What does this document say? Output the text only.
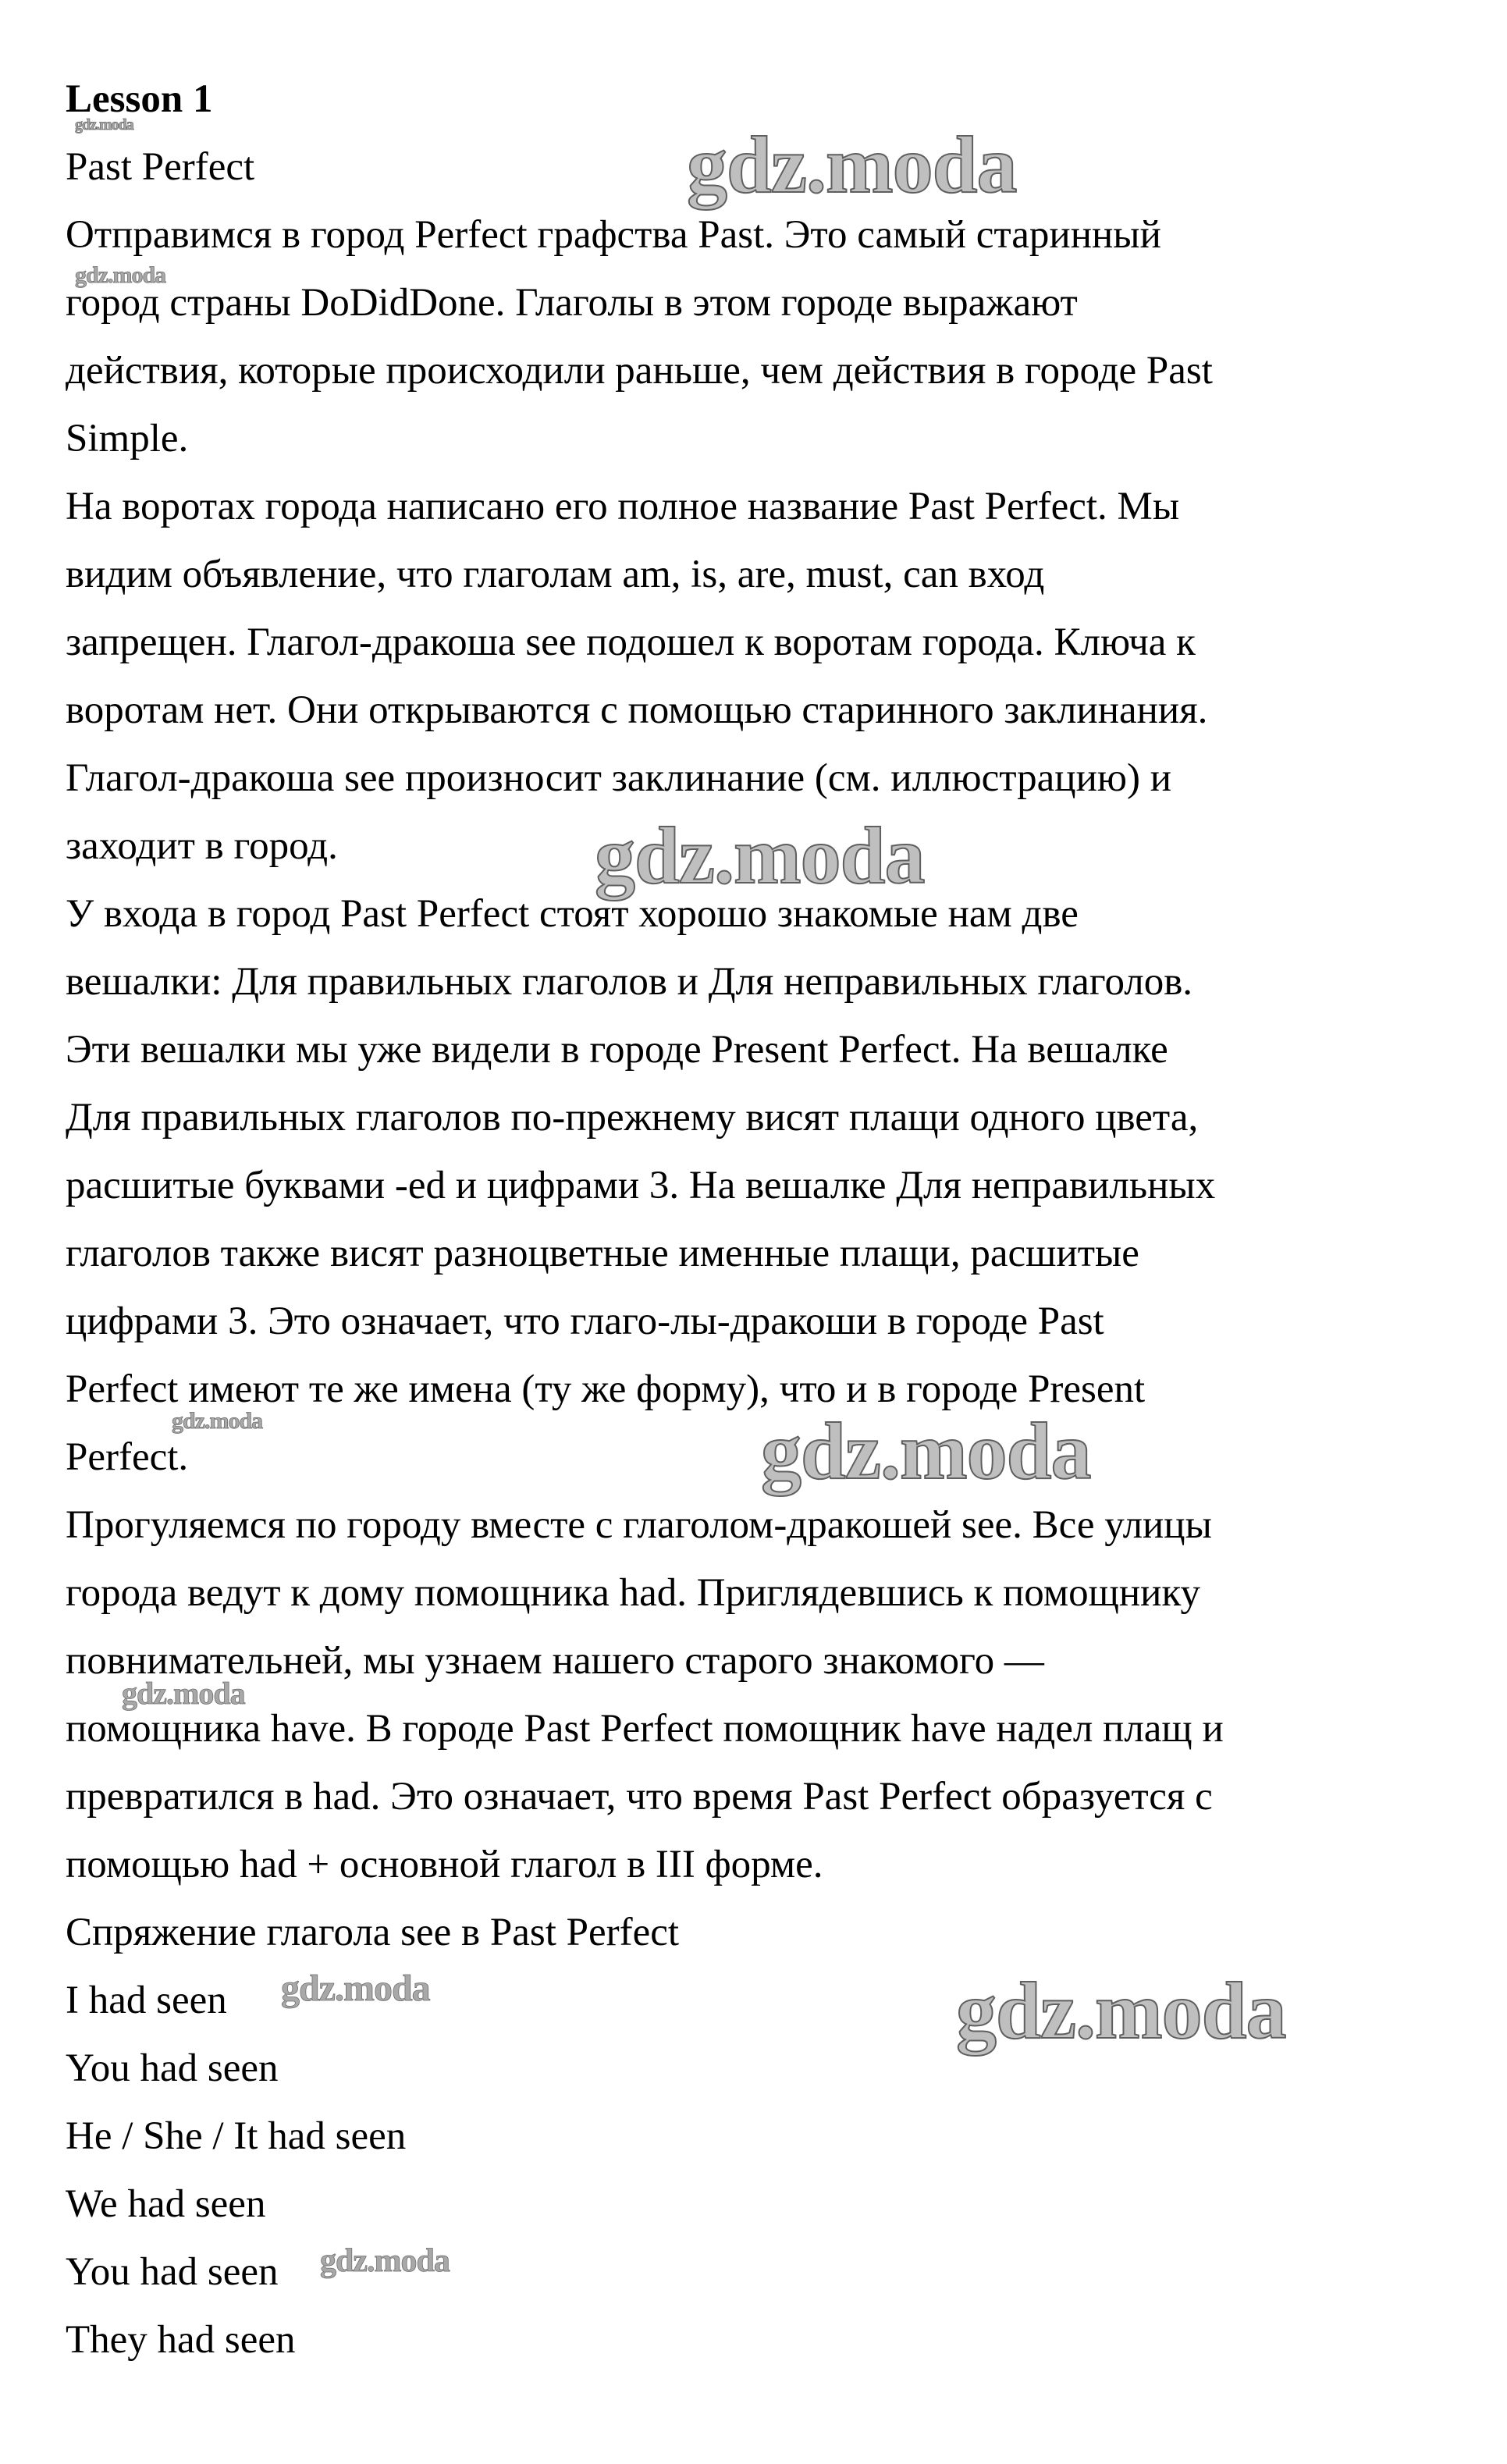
Lesson 1
Past Perfect
Отправимся в город Perfect графства Past. Это самый старинный
город страны DoDidDone. Глаголы в этом городе выражают
действия, которые происходили раньше, чем действия в городе Past
Simple.
На воротах города написано его полное название Past Perfect. Мы
видим объявление, что глаголам am, is, are, must, can вход
запрещен. Глагол-дракоша see подошел к воротам города. Ключа к
воротам нет. Они открываются с помощью старинного заклинания.
Глагол-дракоша see произносит заклинание (см. иллюстрацию) и
заходит в город.
У входа в город Past Perfect стоят хорошо знакомые нам две
вешалки: Для правильных глаголов и Для неправильных глаголов.
Эти вешалки мы уже видели в городе Present Perfect. На вешалке
Для правильных глаголов по-прежнему висят плащи одного цвета,
расшитые буквами -ed и цифрами 3. На вешалке Для неправильных
глаголов также висят разноцветные именные плащи, расшитые
цифрами 3. Это означает, что глаго-лы-дракоши в городе Past
Perfect имеют те же имена (ту же форму), что и в городе Present
Perfect.
Прогуляемся по городу вместе с глаголом-дракошей see. Все улицы
города ведут к дому помощника had. Приглядевшись к помощнику
повнимательней, мы узнаем нашего старого знакомого —
помощника have. В городе Past Perfect помощник have надел плащ и
превратился в had. Это означает, что время Past Perfect образуется с
помощью had + основной глагол в III форме.
Спряжение глагола see в Past Perfect
I had seen
You had seen
He / She / It had seen
We had seen
You had seen
They had seen
gdz.moda	gdz.moda
gdz.moda
gdz.moda
gdz.moda	gdz.moda
gdz.moda
gdz.moda	gdz.moda
gdz.moda
